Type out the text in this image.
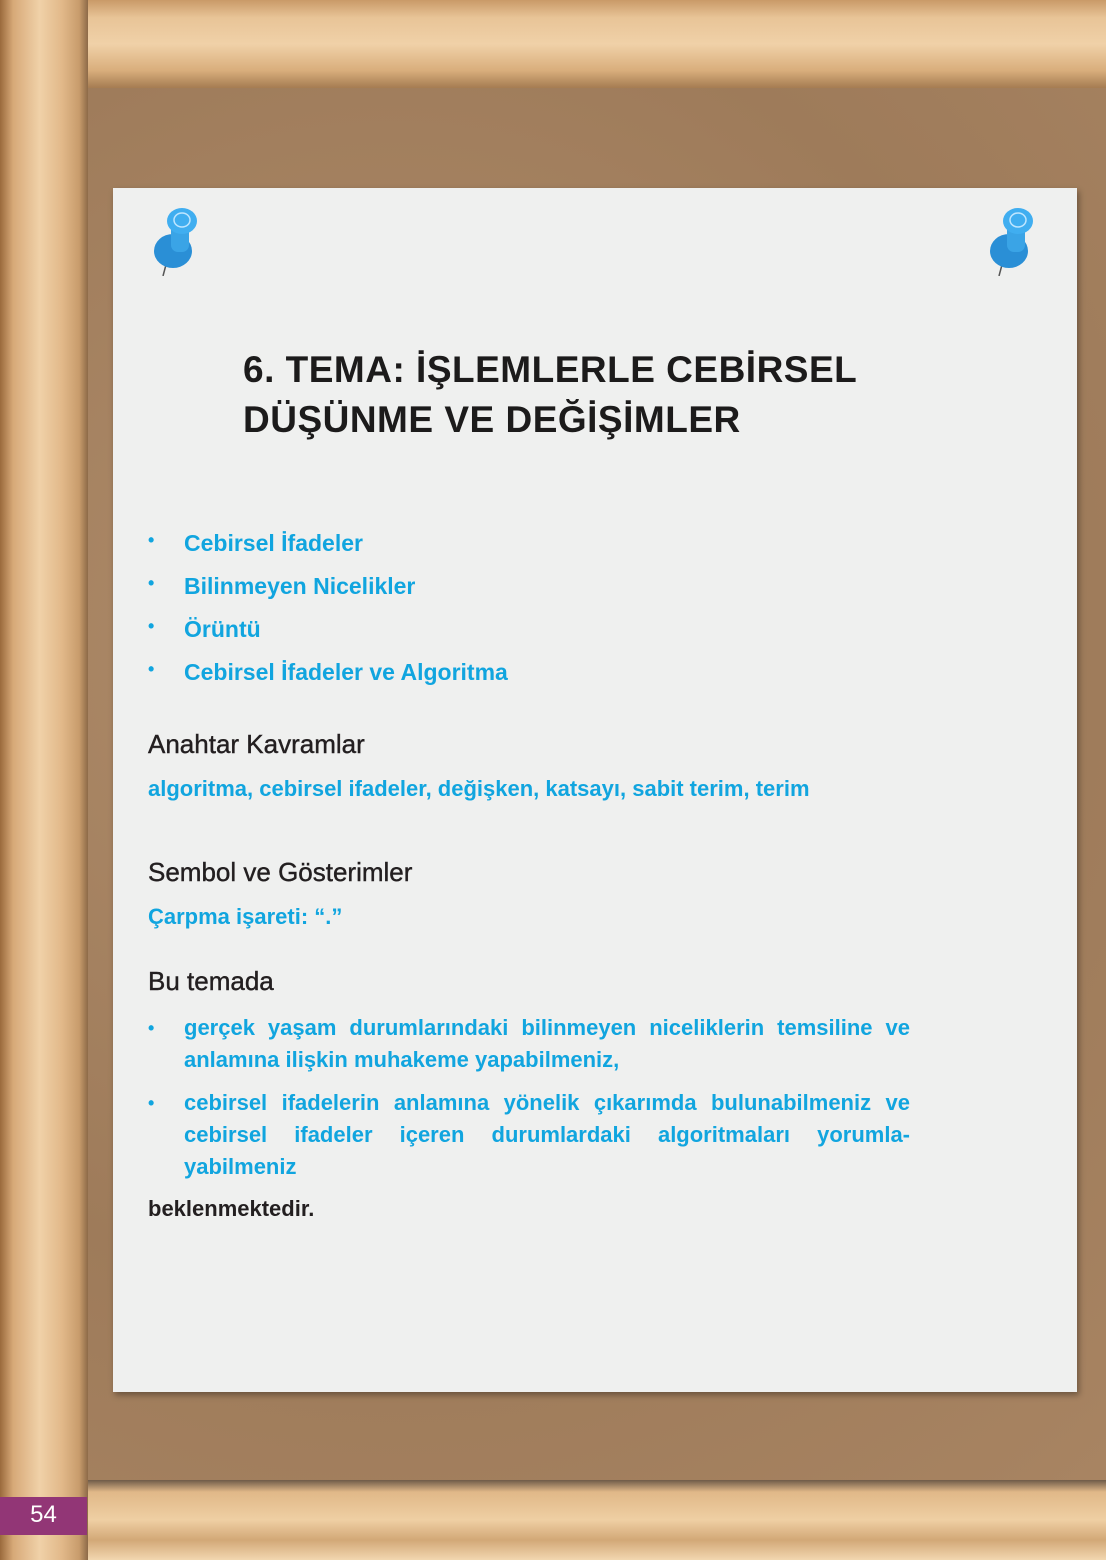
6. TEMA: İŞLEMLERLE CEBİRSEL
DÜŞÜNME VE DEĞİŞİMLER
• Cebirsel İfadeler
• Bilinmeyen Nicelikler
• Örüntü
• Cebirsel İfadeler ve Algoritma
Anahtar Kavramlar
algoritma, cebirsel ifadeler, değişken, katsayı, sabit terim, terim
Sembol ve Gösterimler
Çarpma işareti: “.”
Bu temada
• gerçek yaşam durumlarındaki bilinmeyen niceliklerin temsiline ve anlamına ilişkin muhakeme yapabilmeniz,
• cebirsel ifadelerin anlamına yönelik çıkarımda bulunabilmeniz ve cebirsel ifadeler içeren durumlardaki algoritmaları yorumla-yabilmeniz
beklenmektedir.
54
